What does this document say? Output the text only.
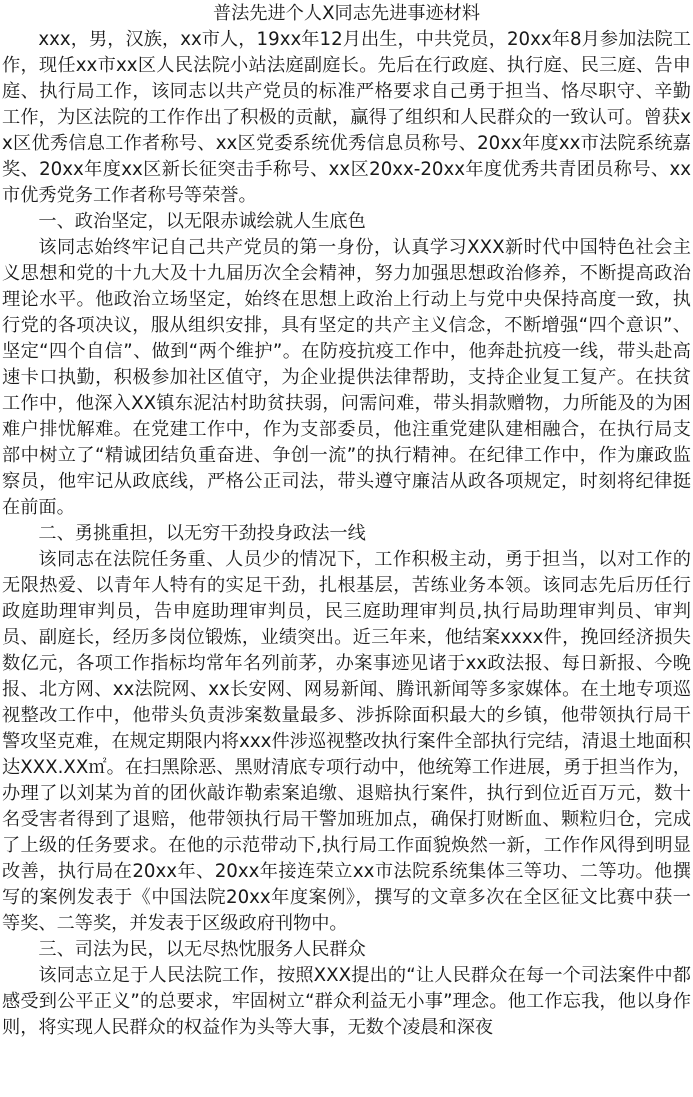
普法先进个人X同志先进事迹材料

xxx，男，汉族，xx市人，19xx年12月出生，中共党员，20xx年8月参加法院工作，现任xx市xx区人民法院小站法庭副庭长。先后在行政庭、执行庭、民三庭、告申庭、执行局工作，该同志以共产党员的标准严格要求自己勇于担当、恪尽职守、辛勤工作，为区法院的工作作出了积极的贡献，赢得了组织和人民群众的一致认可。曾获xx区优秀信息工作者称号、xx区党委系统优秀信息员称号、20xx年度xx市法院系统嘉奖、20xx年度xx区新长征突击手称号、xx区20xx-20xx年度优秀共青团员称号、xx市优秀党务工作者称号等荣誉。

一、政治坚定，以无限赤诚绘就人生底色

该同志始终牢记自己共产党员的第一身份，认真学习XXX新时代中国特色社会主义思想和党的十九大及十九届历次全会精神，努力加强思想政治修养，不断提高政治理论水平。他政治立场坚定，始终在思想上政治上行动上与党中央保持高度一致，执行党的各项决议，服从组织安排，具有坚定的共产主义信念，不断增强“四个意识”、坚定“四个自信”、做到“两个维护”。在防疫抗疫工作中，他奔赴抗疫一线，带头赴高速卡口执勤，积极参加社区值守，为企业提供法律帮助，支持企业复工复产。在扶贫工作中，他深入XX镇东泥沽村助贫扶弱，问需问难，带头捐款赠物，力所能及的为困难户排忧解难。在党建工作中，作为支部委员，他注重党建队建相融合，在执行局支部中树立了“精诚团结负重奋进、争创一流”的执行精神。在纪律工作中，作为廉政监察员，他牢记从政底线，严格公正司法，带头遵守廉洁从政各项规定，时刻将纪律挺在前面。

二、勇挑重担，以无穷干劲投身政法一线

该同志在法院任务重、人员少的情况下，工作积极主动，勇于担当，以对工作的无限热爱、以青年人特有的实足干劲，扎根基层，苦练业务本领。该同志先后历任行政庭助理审判员，告申庭助理审判员，民三庭助理审判员,执行局助理审判员、审判员、副庭长，经历多岗位锻炼，业绩突出。近三年来，他结案xxxx件，挽回经济损失数亿元，各项工作指标均常年名列前茅，办案事迹见诸于xx政法报、每日新报、今晚报、北方网、xx法院网、xx长安网、网易新闻、腾讯新闻等多家媒体。在土地专项巡视整改工作中，他带头负责涉案数量最多、涉拆除面积最大的乡镇，他带领执行局干警攻坚克难，在规定期限内将xxx件涉巡视整改执行案件全部执行完结，清退土地面积达XXX.XX㎡。在扫黑除恶、黑财清底专项行动中，他统筹工作进展，勇于担当作为，办理了以刘某为首的团伙敲诈勒索案追缴、退赔执行案件，执行到位近百万元，数十名受害者得到了退赔，他带领执行局干警加班加点，确保打财断血、颗粒归仓，完成了上级的任务要求。在他的示范带动下,执行局工作面貌焕然一新，工作作风得到明显改善，执行局在20xx年、20xx年接连荣立xx市法院系统集体三等功、二等功。他撰写的案例发表于《中国法院20xx年度案例》，撰写的文章多次在全区征文比赛中获一等奖、二等奖，并发表于区级政府刊物中。

三、司法为民，以无尽热忱服务人民群众

该同志立足于人民法院工作，按照XXX提出的“让人民群众在每一个司法案件中都感受到公平正义”的总要求，牢固树立“群众利益无小事”理念。他工作忘我，他以身作则，将实现人民群众的权益作为头等大事，无数个凌晨和深夜
